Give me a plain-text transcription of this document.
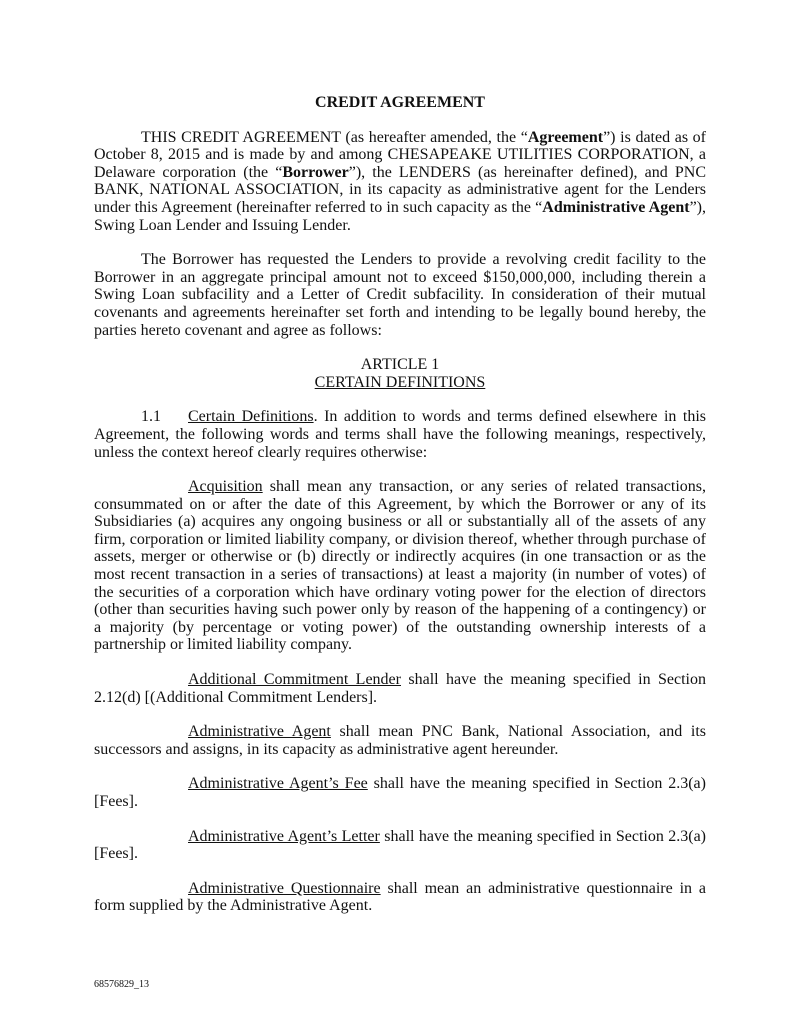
CREDIT AGREEMENT

THIS CREDIT AGREEMENT (as hereafter amended, the “Agreement”) is dated as of October 8, 2015 and is made by and among CHESAPEAKE UTILITIES CORPORATION, a Delaware corporation (the “Borrower”), the LENDERS (as hereinafter defined), and PNC BANK, NATIONAL ASSOCIATION, in its capacity as administrative agent for the Lenders under this Agreement (hereinafter referred to in such capacity as the “Administrative Agent”), Swing Loan Lender and Issuing Lender.

The Borrower has requested the Lenders to provide a revolving credit facility to the Borrower in an aggregate principal amount not to exceed $150,000,000, including therein a Swing Loan subfacility and a Letter of Credit subfacility. In consideration of their mutual covenants and agreements hereinafter set forth and intending to be legally bound hereby, the parties hereto covenant and agree as follows:

ARTICLE 1
CERTAIN DEFINITIONS

1.1 Certain Definitions. In addition to words and terms defined elsewhere in this Agreement, the following words and terms shall have the following meanings, respectively, unless the context hereof clearly requires otherwise:

Acquisition shall mean any transaction, or any series of related transactions, consummated on or after the date of this Agreement, by which the Borrower or any of its Subsidiaries (a) acquires any ongoing business or all or substantially all of the assets of any firm, corporation or limited liability company, or division thereof, whether through purchase of assets, merger or otherwise or (b) directly or indirectly acquires (in one transaction or as the most recent transaction in a series of transactions) at least a majority (in number of votes) of the securities of a corporation which have ordinary voting power for the election of directors (other than securities having such power only by reason of the happening of a contingency) or a majority (by percentage or voting power) of the outstanding ownership interests of a partnership or limited liability company.

Additional Commitment Lender shall have the meaning specified in Section 2.12(d) [(Additional Commitment Lenders].

Administrative Agent shall mean PNC Bank, National Association, and its successors and assigns, in its capacity as administrative agent hereunder.

Administrative Agent’s Fee shall have the meaning specified in Section 2.3(a) [Fees].

Administrative Agent’s Letter shall have the meaning specified in Section 2.3(a) [Fees].

Administrative Questionnaire shall mean an administrative questionnaire in a form supplied by the Administrative Agent.

68576829_13
